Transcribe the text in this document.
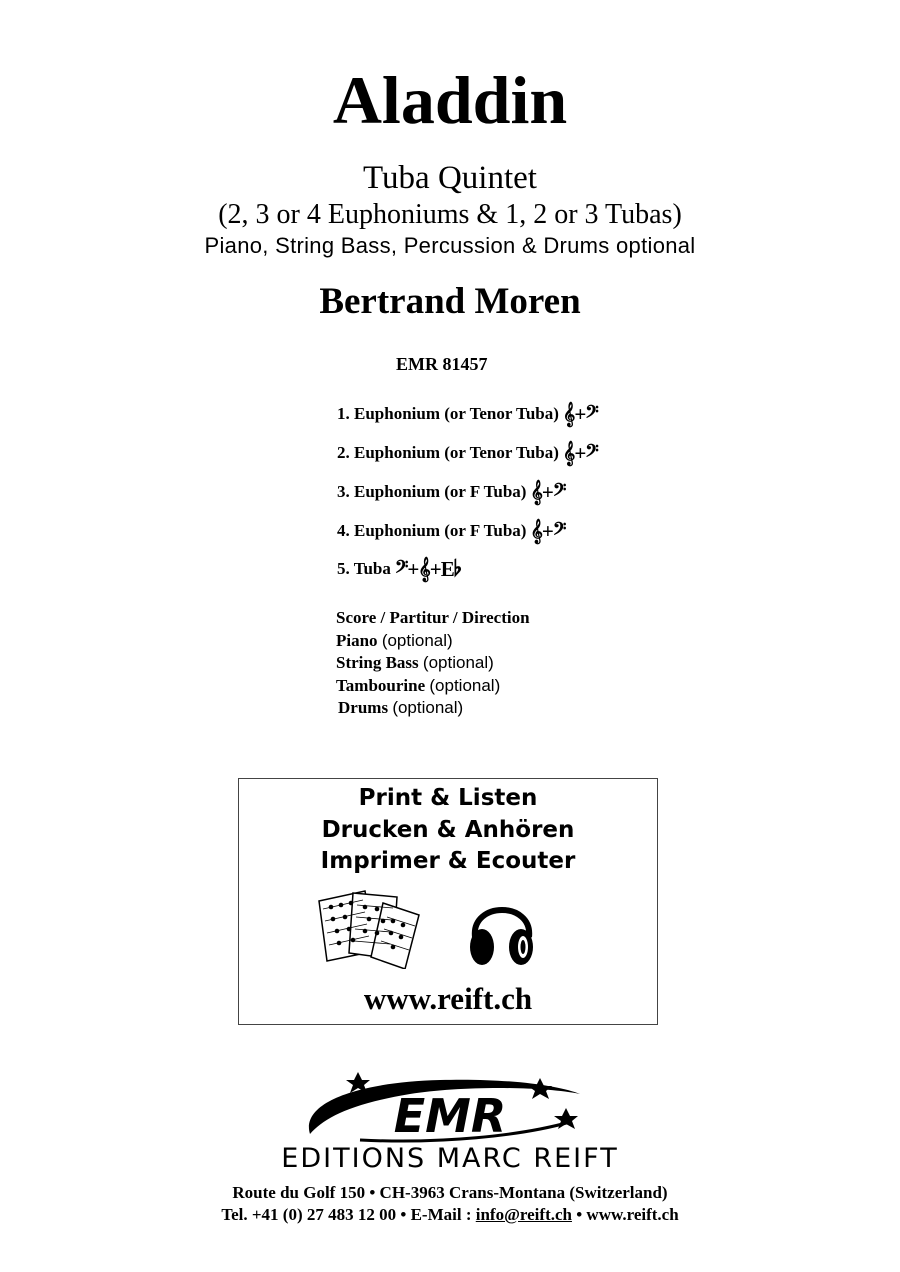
Aladdin
Tuba Quintet
(2, 3 or 4 Euphoniums & 1, 2 or 3 Tubas)
Piano, String Bass, Percussion & Drums optional
Bertrand Moren
EMR 81457
1. Euphonium (or Tenor Tuba) 𝄞+𝄢
2. Euphonium (or Tenor Tuba) 𝄞+𝄢
3. Euphonium (or F Tuba) 𝄞+𝄢
4. Euphonium (or F Tuba) 𝄞+𝄢
5. Tuba 𝄢+𝄞+E♭
Score / Partitur / Direction
Piano (optional)
String Bass (optional)
Tambourine (optional)
Drums (optional)
Print & Listen
Drucken & Anhören
Imprimer & Ecouter
www.reift.ch
EMR
EDITIONS MARC REIFT
Route du Golf 150 • CH-3963 Crans-Montana (Switzerland)
Tel. +41 (0) 27 483 12 00 • E-Mail : info@reift.ch • www.reift.ch
